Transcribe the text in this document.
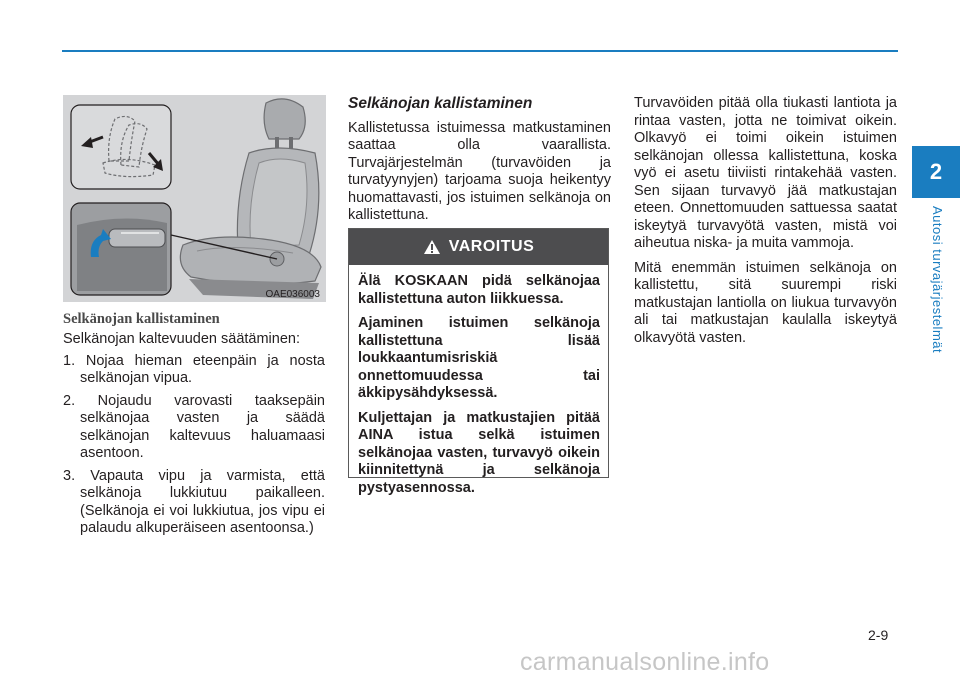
2
Autosi turvajärjestelmät
OAE036003
Selkänojan kallistaminen

Selkänojan kaltevuuden säätäminen:

1. Nojaa hieman eteenpäin ja nosta selkänojan vipua.
2. Nojaudu varovasti taaksepäin selkänojaa vasten ja säädä selkänojan kaltevuus haluamaasi asentoon.
3. Vapauta vipu ja varmista, että selkänoja lukkiutuu paikalleen. (Selkänoja ei voi lukkiutua, jos vipu ei palaudu alkuperäiseen asentoonsa.)

Selkänojan kallistaminen

Kallistetussa istuimessa matkustaminen saattaa olla vaarallista. Turvajärjestelmän (turvavöiden ja turvatyynyjen) tarjoama suoja heikentyy huomattavasti, jos istuimen selkänoja on kallistettuna.

VAROITUS

Älä KOSKAAN pidä selkänojaa kallistettuna auton liikkuessa.

Ajaminen istuimen selkänoja kallistettuna lisää loukkaantumisriskiä onnettomuudessa tai äkkipysähdyksessä.

Kuljettajan ja matkustajien pitää AINA istua selkä istuimen selkänojaa vasten, turvavyö oikein kiinnitettynä ja selkänoja pystyasennossa.

Turvavöiden pitää olla tiukasti lantiota ja rintaa vasten, jotta ne toimivat oikein. Olkavyö ei toimi oikein istuimen selkänojan ollessa kallistettuna, koska vyö ei asetu tiiviisti rintakehää vasten. Sen sijaan turvavyö jää matkustajan eteen. Onnettomuuden sattuessa saatat iskeytyä turvavyötä vasten, mistä voi aiheutua niska- ja muita vammoja.

Mitä enemmän istuimen selkänoja on kallistettu, sitä suurempi riski matkustajan lantiolla on liukua turvavyön ali tai matkustajan kaulalla iskeytyä olkavyötä vasten.

2-9
carmanualsonline.info
